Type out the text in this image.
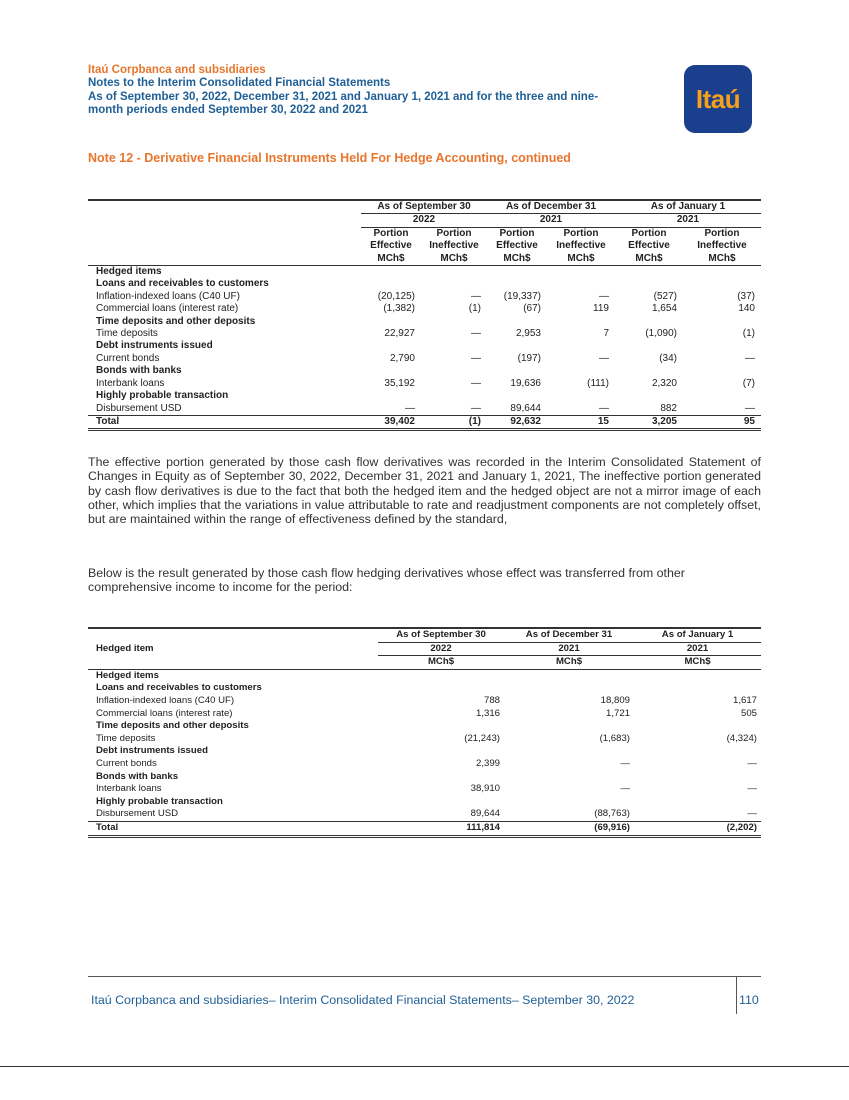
Itaú Corpbanca and subsidiaries
Notes to the Interim Consolidated Financial Statements
As of September 30, 2022, December 31, 2021 and January 1, 2021 and for the three and nine-
month periods ended September 30, 2022 and 2021	Itaú
Note 12 - Derivative Financial Instruments Held For Hedge Accounting, continued
	As of September 30		As of December 31		As of January 1	
	2022		2021		2021	
	Portion	Portion	Portion	Portion	Portion	Portion
	Effective	Ineffective	Effective	Ineffective	Effective	Ineffective
	MCh$	MCh$	MCh$	MCh$	MCh$	MCh$
Hedged items						
Loans and receivables to customers						
Inflation-indexed loans (C40 UF)	(20,125)	—	(19,337)	—	(527)	(37)
Commercial loans (interest rate)	(1,382)	(1)	(67)	119	1,654	140
Time deposits and other deposits						
Time deposits	22,927	—	2,953	7	(1,090)	(1)
Debt instruments issued						
Current bonds	2,790	—	(197)	—	(34)	—
Bonds with banks						
Interbank loans	35,192	—	19,636	(111)	2,320	(7)
Highly probable transaction						
Disbursement USD	—	—	89,644	—	882	—
Total	39,402	(1)	92,632	15	3,205	95

The effective portion generated by those cash flow derivatives was recorded in the Interim Consolidated Statement of Changes in Equity as of September 30, 2022, December 31, 2021 and January 1, 2021, The ineffective portion generated by cash flow derivatives is due to the fact that both the hedged item and the hedged object are not a mirror image of each other, which implies that the variations in value attributable to rate and readjustment components are not completely offset, but are maintained within the range of effectiveness defined by the standard,

Below is the result generated by those cash flow hedging derivatives whose effect was transferred from other comprehensive income to income for the period:

Hedged item	As of September 30	As of December 31	As of January 1
	2022	2021	2021
	MCh$	MCh$	MCh$
Hedged items			
Loans and receivables to customers			
Inflation-indexed loans (C40 UF)	788	18,809	1,617
Commercial loans (interest rate)	1,316	1,721	505
Time deposits and other deposits			
Time deposits	(21,243)	(1,683)	(4,324)
Debt instruments issued			
Current bonds	2,399	—	—
Bonds with banks			
Interbank loans	38,910	—	—
Highly probable transaction			
Disbursement USD	89,644	(88,763)	—
Total	111,814	(69,916)	(2,202)
Itaú Corpbanca and subsidiaries– Interim Consolidated Financial Statements– September 30, 2022	110
